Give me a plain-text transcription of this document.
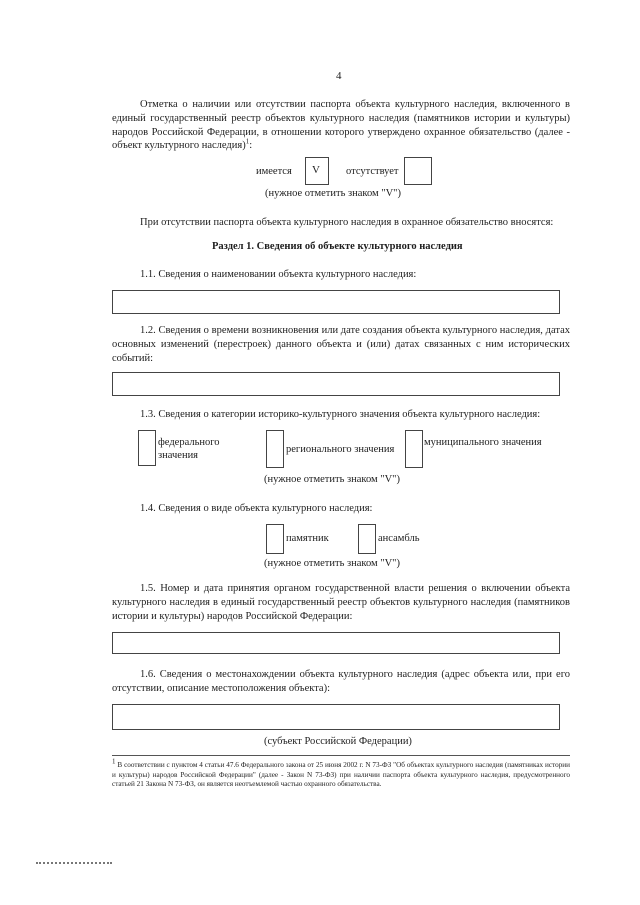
4

Отметка о наличии или отсутствии паспорта объекта культурного наследия, включенного в единый государственный реестр объектов культурного наследия (памятников истории и культуры) народов Российской Федерации, в отношении которого утверждено охранное обязательство (далее - объект культурного наследия)$^1$:

имеется V отсутствует
(нужное отметить знаком "V")

При отсутствии паспорта объекта культурного наследия в охранное обязательство вносятся:

Раздел 1. Сведения об объекте культурного наследия

1.1. Сведения о наименовании объекта культурного наследия:

1.2. Сведения о времени возникновения или дате создания объекта культурного наследия, датах основных изменений (перестроек) данного объекта и (или) датах связанных с ним исторических событий:

1.3. Сведения о категории историко-культурного значения объекта культурного наследия:

федерального значения	регионального значения
муниципального значения
(нужное отметить знаком "V")

1.4. Сведения о виде объекта культурного наследия:

памятник	ансамбль
(нужное отметить знаком "V")

1.5. Номер и дата принятия органом государственной власти решения о включении объекта культурного наследия в единый государственный реестр объектов культурного наследия (памятников истории и культуры) народов Российской Федерации:

1.6. Сведения о местонахождении объекта культурного наследия (адрес объекта или, при его отсутствии, описание местоположения объекта):

(субъект Российской Федерации)

$^1$ В соответствии с пунктом 4 статьи 47.6 Федерального закона от 25 июня 2002 г. N 73-ФЗ "Об объектах культурного наследия (памятниках истории и культуры) народов Российской Федерации" (далее - Закон N 73-ФЗ) при наличии паспорта объекта культурного наследия, предусмотренного статьей 21 Закона N 73-ФЗ, он является неотъемлемой частью охранного обязательства.
